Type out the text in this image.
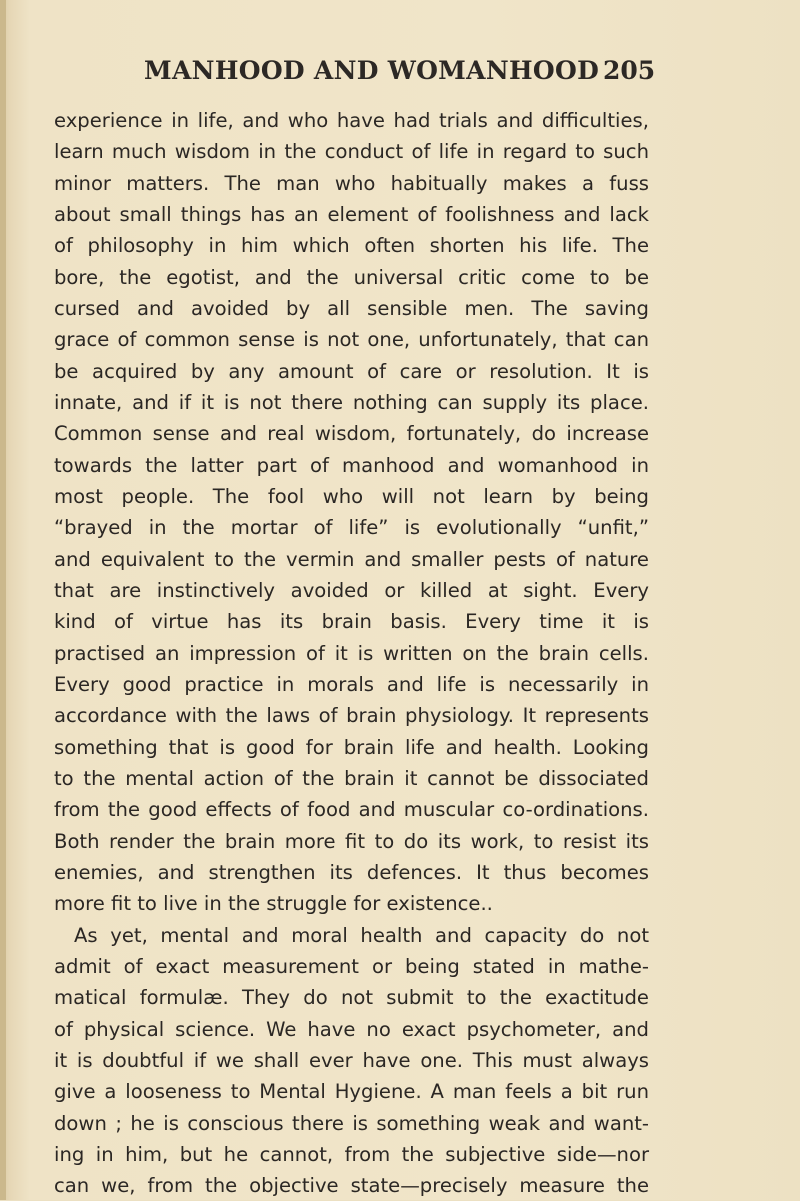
MANHOOD AND WOMANHOOD 205
experience in life, and who have had trials and difficulties,
learn much wisdom in the conduct of life in regard to such
minor matters. The man who habitually makes a fuss
about small things has an element of foolishness and lack
of philosophy in him which often shorten his life. The
bore, the egotist, and the universal critic come to be
cursed and avoided by all sensible men. The saving
grace of common sense is not one, unfortunately, that can
be acquired by any amount of care or resolution. It is
innate, and if it is not there nothing can supply its place.
Common sense and real wisdom, fortunately, do increase
towards the latter part of manhood and womanhood in
most people. The fool who will not learn by being
“brayed in the mortar of life” is evolutionally “unfit,”
and equivalent to the vermin and smaller pests of nature
that are instinctively avoided or killed at sight. Every
kind of virtue has its brain basis. Every time it is
practised an impression of it is written on the brain cells.
Every good practice in morals and life is necessarily in
accordance with the laws of brain physiology. It represents
something that is good for brain life and health. Looking
to the mental action of the brain it cannot be dissociated
from the good effects of food and muscular co-ordinations.
Both render the brain more fit to do its work, to resist its
enemies, and strengthen its defences. It thus becomes
more fit to live in the struggle for existence..
As yet, mental and moral health and capacity do not
admit of exact measurement or being stated in mathe-
matical formulæ. They do not submit to the exactitude
of physical science. We have no exact psychometer, and
it is doubtful if we shall ever have one. This must always
give a looseness to Mental Hygiene. A man feels a bit run
down ; he is conscious there is something weak and want-
ing in him, but he cannot, from the subjective side—nor
can we, from the objective state—precisely measure the
